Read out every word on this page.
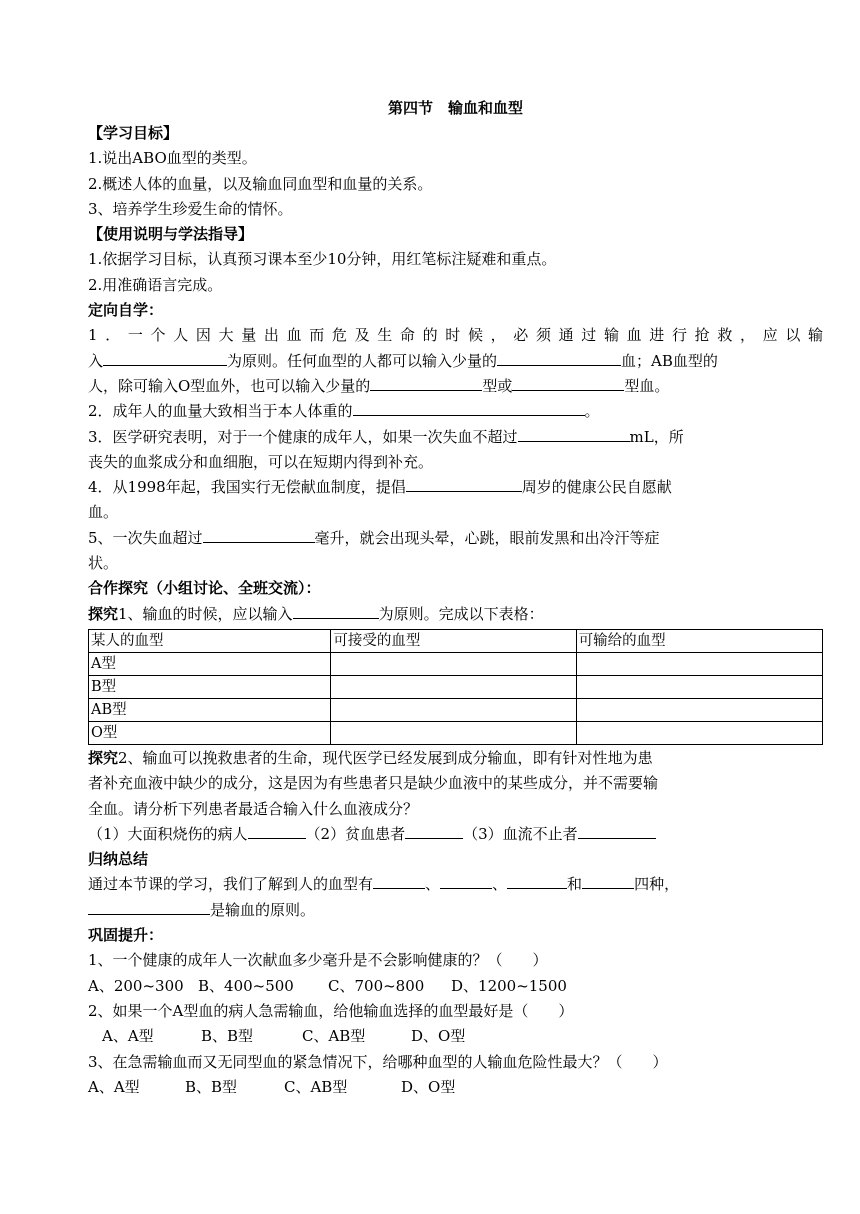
第四节　输血和血型
【学习目标】
1.说出ABO血型的类型。
2.概述人体的血量，以及输血同血型和血量的关系。
3、培养学生珍爱生命的情怀。
【使用说明与学法指导】
1.依据学习目标，认真预习课本至少10分钟，用红笔标注疑难和重点。
2.用准确语言完成。
定向自学：
1．一个人因大量出血而危及生命的时候，必须通过输血进行抢救，应以输
入	为原则。任何血型的人都可以输入少量的	血；AB血型的
人，除可输入O型血外，也可以输入少量的	型或	型血。
2．成年人的血量大致相当于本人体重的	。
3．医学研究表明，对于一个健康的成年人，如果一次失血不超过	mL，所
丧失的血浆成分和血细胞，可以在短期内得到补充。
4．从1998年起，我国实行无偿献血制度，提倡	周岁的健康公民自愿献
血。
5、一次失血超过	毫升，就会出现头晕，心跳，眼前发黑和出冷汗等症
状。
合作探究（小组讨论、全班交流）：
探究1、输血的时候，应以输入	为原则。完成以下表格：
某人的血型	可接受的血型	可输给的血型
A型		
B型		
AB型		
O型		
探究2、输血可以挽救患者的生命，现代医学已经发展到成分输血，即有针对性地为患
者补充血液中缺少的成分，这是因为有些患者只是缺少血液中的某些成分，并不需要输
全血。请分析下列患者最适合输入什么血液成分？
（1）大面积烧伤的病人	（2）贫血患者	（3）血流不止者
归纳总结
通过本节课的学习，我们了解到人的血型有	、	、	和	四种，
是输血的原则。
巩固提升：
1、一个健康的成年人一次献血多少毫升是不会影响健康的？（　　）
A、200~300 B、400~500 C、700~800 D、1200~1500
2、如果一个A型血的病人急需输血，给他输血选择的血型最好是（　　）
A、A型	B、B型	C、AB型	D、O型
3、在急需输血而又无同型血的紧急情况下，给哪种血型的人输血危险性最大？（　　）
A、A型	B、B型	C、AB型	D、O型
